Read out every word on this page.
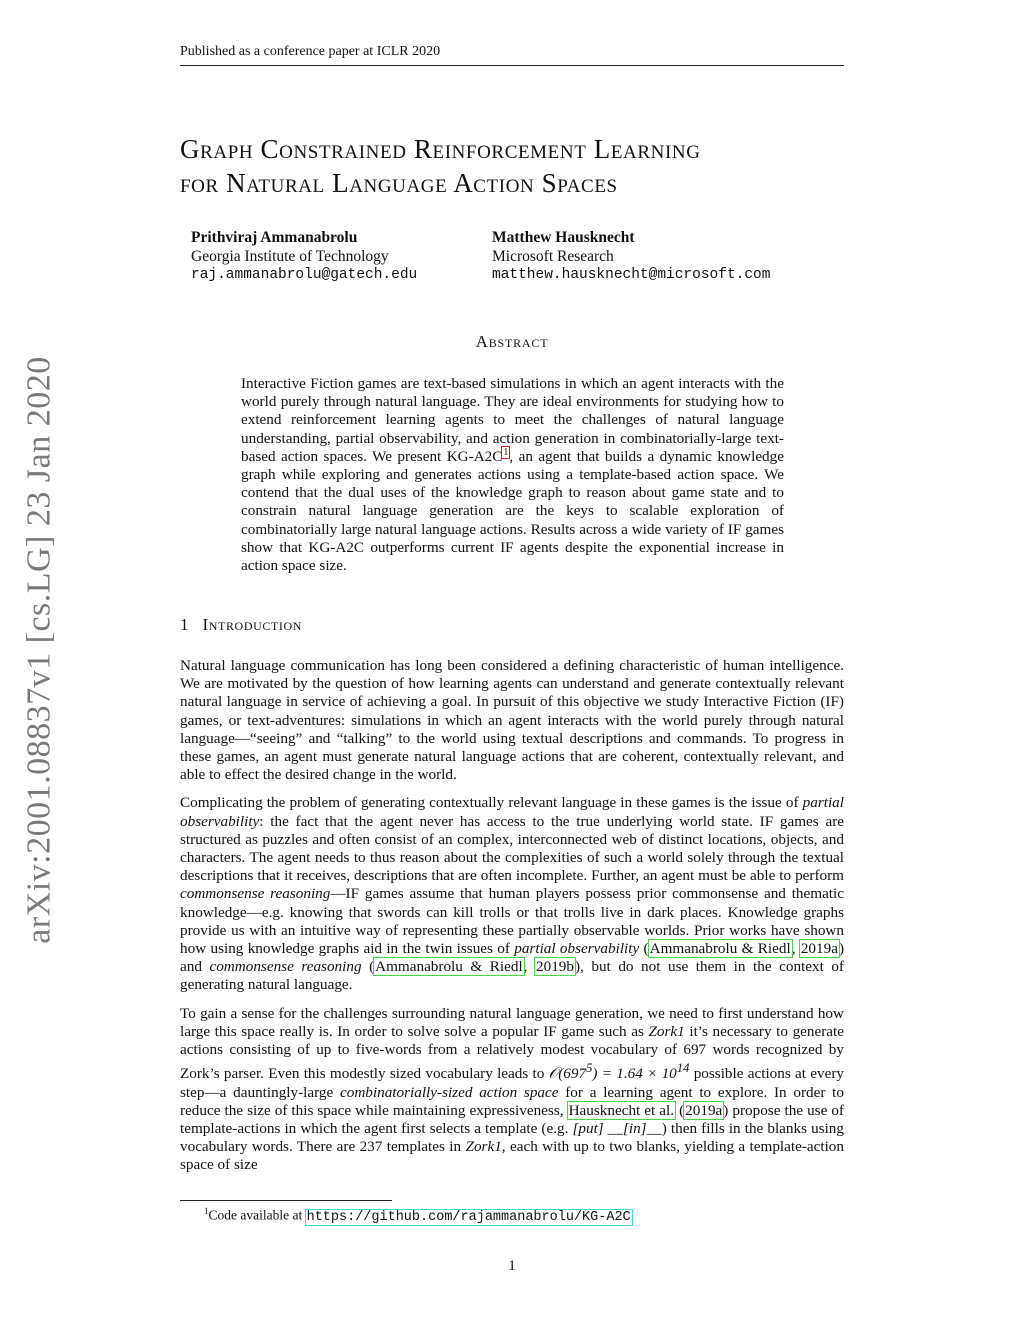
Published as a conference paper at ICLR 2020
arXiv:2001.08837v1 [cs.LG] 23 Jan 2020
Graph Constrained Reinforcement Learning
for Natural Language Action Spaces
Prithviraj Ammanabrolu
Georgia Institute of Technology
raj.ammanabrolu@gatech.edu
Matthew Hausknecht
Microsoft Research
matthew.hausknecht@microsoft.com
Abstract
Interactive Fiction games are text-based simulations in which an agent interacts with the world purely through natural language. They are ideal environments for studying how to extend reinforcement learning agents to meet the challenges of natural language understanding, partial observability, and action generation in combinatorially-large text-based action spaces. We present KG-A2C$^1$, an agent that builds a dynamic knowledge graph while exploring and generates actions using a template-based action space. We contend that the dual uses of the knowledge graph to reason about game state and to constrain natural language generation are the keys to scalable exploration of combinatorially large natural language actions. Results across a wide variety of IF games show that KG-A2C outperforms current IF agents despite the exponential increase in action space size.
1 Introduction

Natural language communication has long been considered a defining characteristic of human intelligence. We are motivated by the question of how learning agents can understand and generate contextually relevant natural language in service of achieving a goal. In pursuit of this objective we study Interactive Fiction (IF) games, or text-adventures: simulations in which an agent interacts with the world purely through natural language—“seeing” and “talking” to the world using textual descriptions and commands. To progress in these games, an agent must generate natural language actions that are coherent, contextually relevant, and able to effect the desired change in the world.

Complicating the problem of generating contextually relevant language in these games is the issue of partial observability: the fact that the agent never has access to the true underlying world state. IF games are structured as puzzles and often consist of an complex, interconnected web of distinct locations, objects, and characters. The agent needs to thus reason about the complexities of such a world solely through the textual descriptions that it receives, descriptions that are often incomplete. Further, an agent must be able to perform commonsense reasoning—IF games assume that human players possess prior commonsense and thematic knowledge—e.g. knowing that swords can kill trolls or that trolls live in dark places. Knowledge graphs provide us with an intuitive way of representing these partially observable worlds. Prior works have shown how using knowledge graphs aid in the twin issues of partial observability (Ammanabrolu & Riedl, 2019a) and commonsense reasoning (Ammanabrolu & Riedl, 2019b), but do not use them in the context of generating natural language.

To gain a sense for the challenges surrounding natural language generation, we need to first understand how large this space really is. In order to solve solve a popular IF game such as Zork1 it’s necessary to generate actions consisting of up to five-words from a relatively modest vocabulary of 697 words recognized by Zork’s parser. Even this modestly sized vocabulary leads to $𝒪(697^5) = 1.64 \times 10^{14}$ possible actions at every step—a dauntingly-large combinatorially-sized action space for a learning agent to explore. In order to reduce the size of this space while maintaining expressiveness, Hausknecht et al. (2019a) propose the use of template-actions in which the agent first selects a template (e.g. [put] __[in]__) then fills in the blanks using vocabulary words. There are 237 templates in Zork1, each with up to two blanks, yielding a template-action space of size

$^1$Code available at https://github.com/rajammanabrolu/KG-A2C
1
